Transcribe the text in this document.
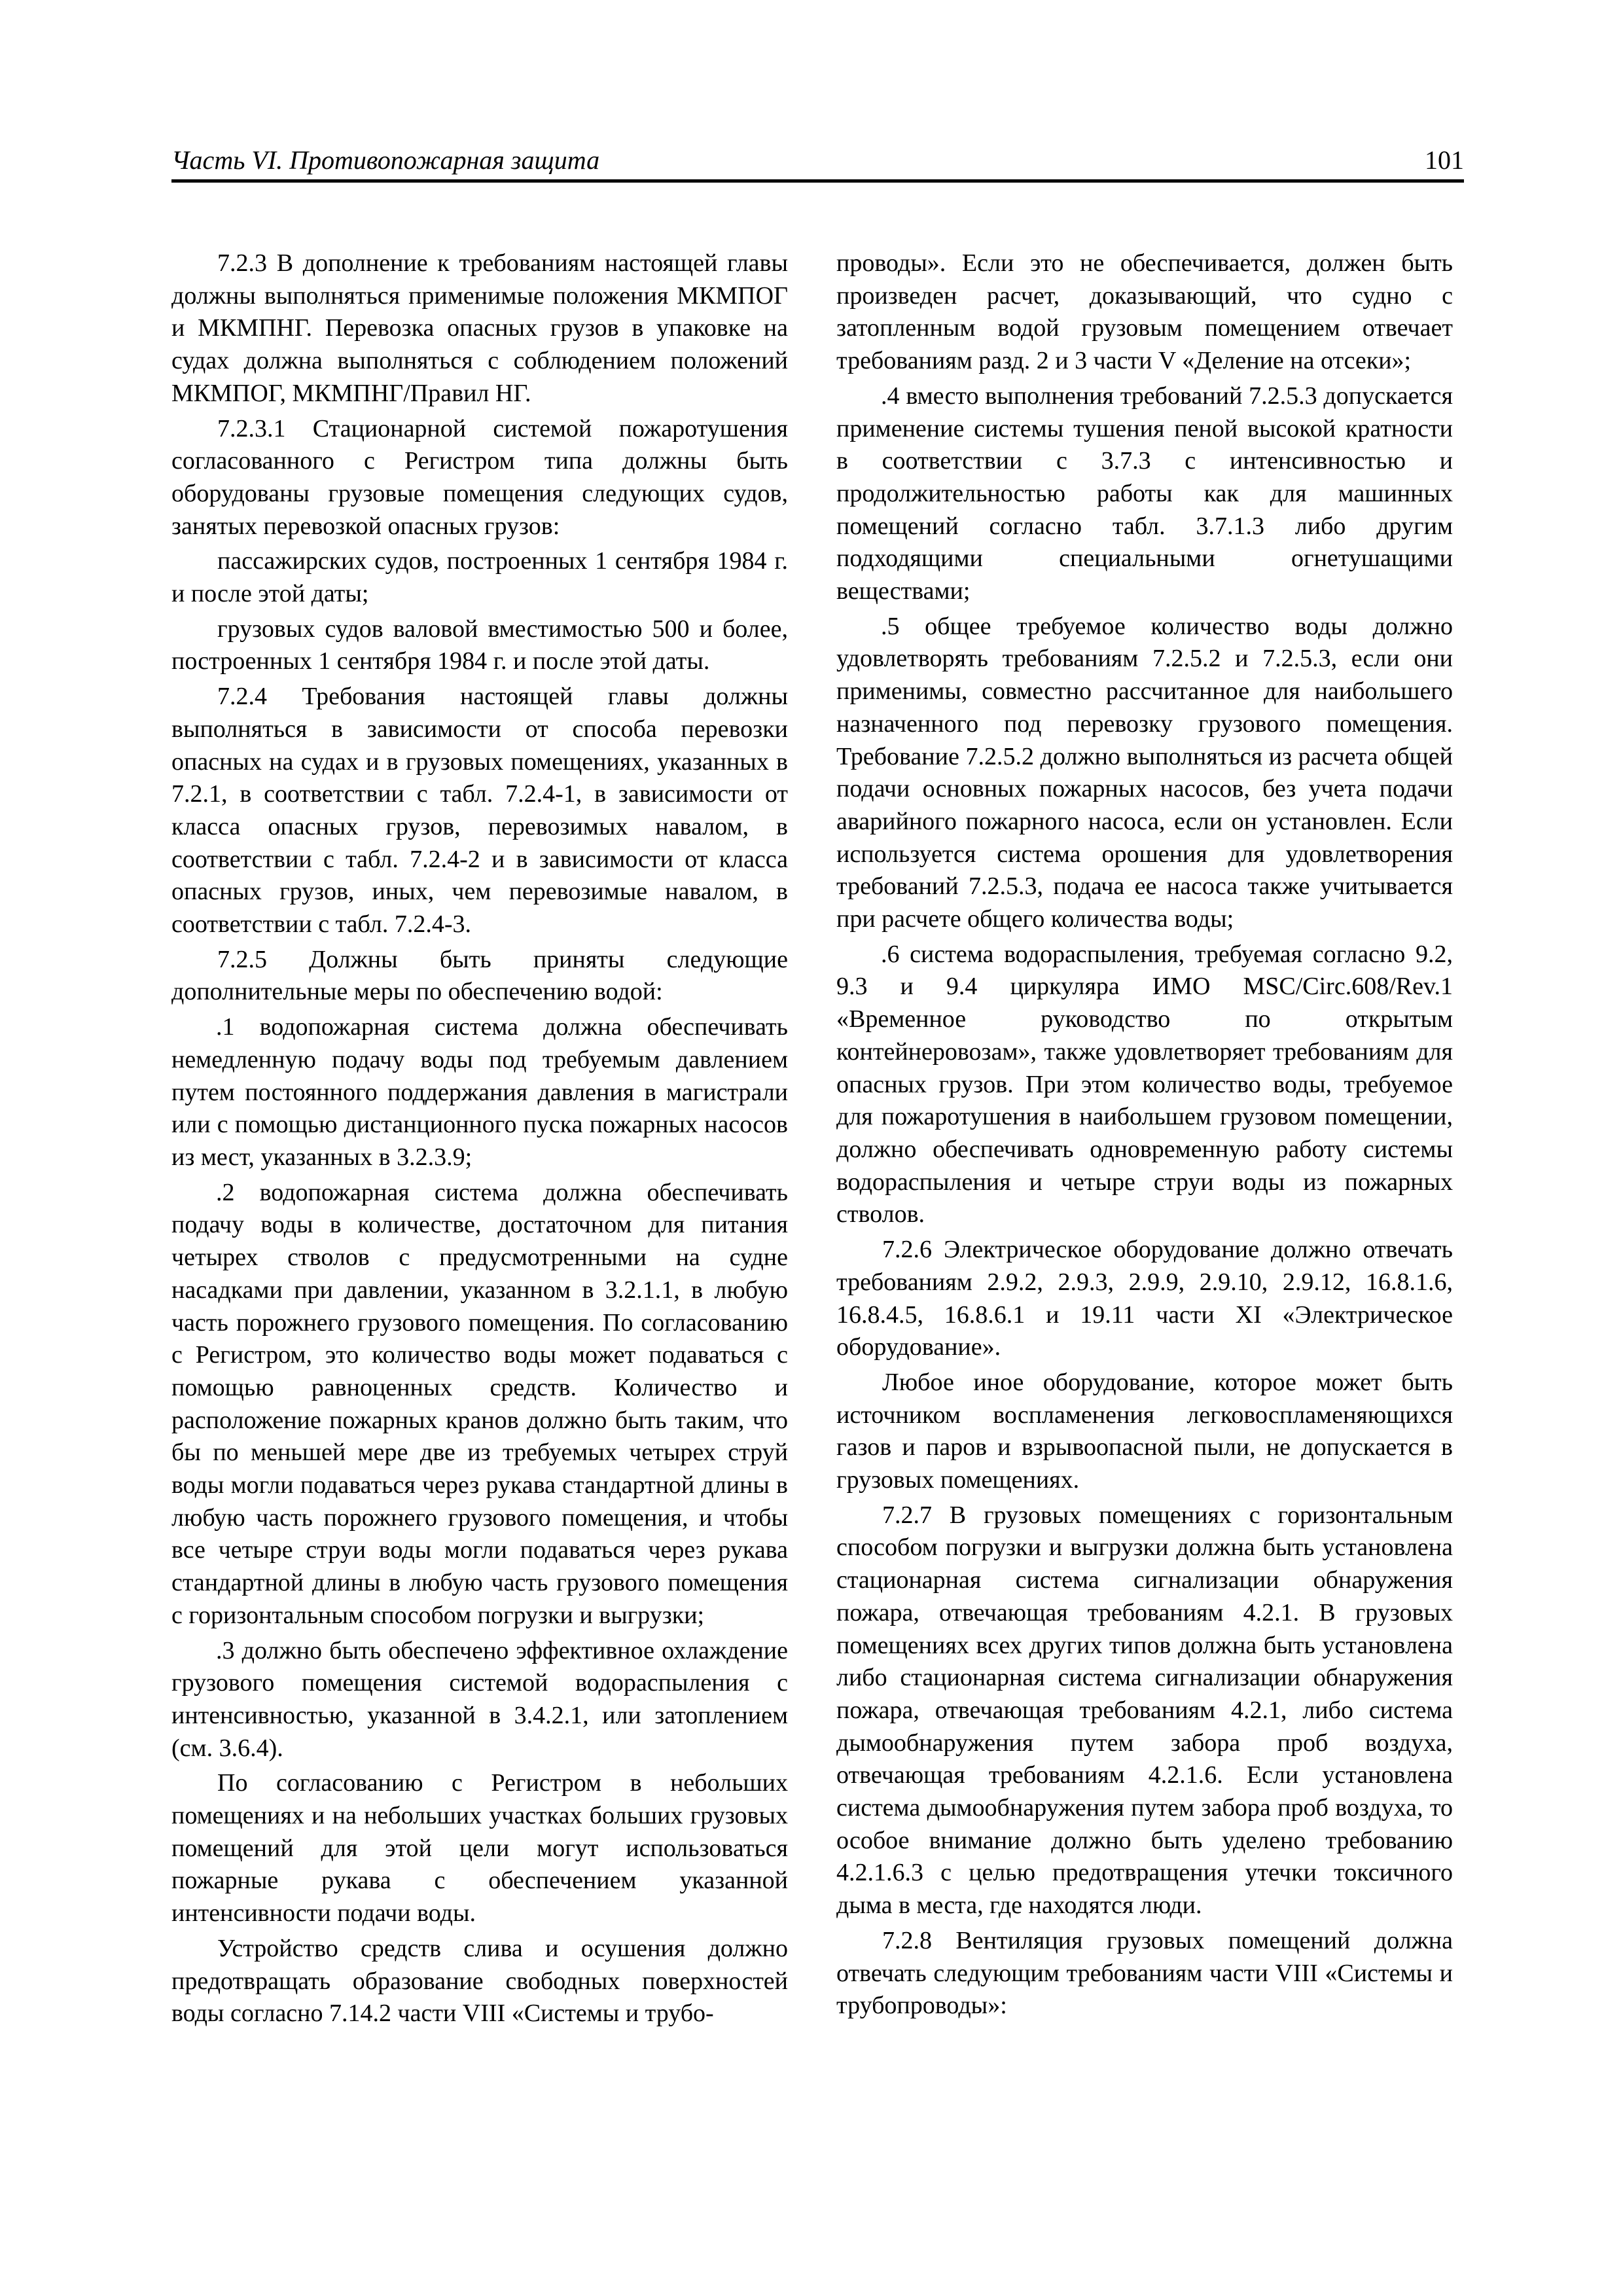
Часть VI. Противопожарная защита	101

7.2.3 В дополнение к требованиям настоящей главы должны выполняться применимые положения МКМПОГ и МКМПНГ. Перевозка опасных грузов в упаковке на судах должна выполняться с соблюдением положений МКМПОГ, МКМПНГ/Правил НГ.

7.2.3.1 Стационарной системой пожаротушения согласованного с Регистром типа должны быть оборудованы грузовые помещения следующих судов, занятых перевозкой опасных грузов:

пассажирских судов, построенных 1 сентября 1984 г. и после этой даты;

грузовых судов валовой вместимостью 500 и более, построенных 1 сентября 1984 г. и после этой даты.

7.2.4 Требования настоящей главы должны выполняться в зависимости от способа перевозки опасных на судах и в грузовых помещениях, указанных в 7.2.1, в соответствии с табл. 7.2.4-1, в зависимости от класса опасных грузов, перевозимых навалом, в соответствии с табл. 7.2.4-2 и в зависимости от класса опасных грузов, иных, чем перевозимые навалом, в соответствии с табл. 7.2.4-3.

7.2.5 Должны быть приняты следующие дополнительные меры по обеспечению водой:

.1 водопожарная система должна обеспечивать немедленную подачу воды под требуемым давлением путем постоянного поддержания давления в магистрали или с помощью дистанционного пуска пожарных насосов из мест, указанных в 3.2.3.9;

.2 водопожарная система должна обеспечивать подачу воды в количестве, достаточном для питания четырех стволов с предусмотренными на судне насадками при давлении, указанном в 3.2.1.1, в любую часть порожнего грузового помещения. По согласованию с Регистром, это количество воды может подаваться с помощью равноценных средств. Количество и расположение пожарных кранов должно быть таким, что бы по меньшей мере две из требуемых четырех струй воды могли подаваться через рукава стандартной длины в любую часть порожнего грузового помещения, и чтобы все четыре струи воды могли подаваться через рукава стандартной длины в любую часть грузового помещения с горизонтальным способом погрузки и выгрузки;

.3 должно быть обеспечено эффективное охлаждение грузового помещения системой водораспыления с интенсивностью, указанной в 3.4.2.1, или затоплением (см. 3.6.4).

По согласованию с Регистром в небольших помещениях и на небольших участках больших грузовых помещений для этой цели могут использоваться пожарные рукава с обеспечением указанной интенсивности подачи воды.

Устройство средств слива и осушения должно предотвращать образование свободных поверхностей воды согласно 7.14.2 части VIII «Системы и трубо-

проводы». Если это не обеспечивается, должен быть произведен расчет, доказывающий, что судно с затопленным водой грузовым помещением отвечает требованиям разд. 2 и 3 части V «Деление на отсеки»;

.4 вместо выполнения требований 7.2.5.3 допускается применение системы тушения пеной высокой кратности в соответствии с 3.7.3 с интенсивностью и продолжительностью работы как для машинных помещений согласно табл. 3.7.1.3 либо другим подходящими специальными огнетушащими веществами;

.5 общее требуемое количество воды должно удовлетворять требованиям 7.2.5.2 и 7.2.5.3, если они применимы, совместно рассчитанное для наибольшего назначенного под перевозку грузового помещения. Требование 7.2.5.2 должно выполняться из расчета общей подачи основных пожарных насосов, без учета подачи аварийного пожарного насоса, если он установлен. Если используется система орошения для удовлетворения требований 7.2.5.3, подача ее насоса также учитывается при расчете общего количества воды;

.6 система водораспыления, требуемая согласно 9.2, 9.3 и 9.4 циркуляра ИМО MSC/Circ.608/Rev.1 «Временное руководство по открытым контейнеровозам», также удовлетворяет требованиям для опасных грузов. При этом количество воды, требуемое для пожаротушения в наибольшем грузовом помещении, должно обеспечивать одновременную работу системы водораспыления и четыре струи воды из пожарных стволов.

7.2.6 Электрическое оборудование должно отвечать требованиям 2.9.2, 2.9.3, 2.9.9, 2.9.10, 2.9.12, 16.8.1.6, 16.8.4.5, 16.8.6.1 и 19.11 части XI «Электрическое оборудование».

Любое иное оборудование, которое может быть источником воспламенения легковоспламеняющихся газов и паров и взрывоопасной пыли, не допускается в грузовых помещениях.

7.2.7 В грузовых помещениях с горизонтальным способом погрузки и выгрузки должна быть установлена стационарная система сигнализации обнаружения пожара, отвечающая требованиям 4.2.1. В грузовых помещениях всех других типов должна быть установлена либо стационарная система сигнализации обнаружения пожара, отвечающая требованиям 4.2.1, либо система дымообнаружения путем забора проб воздуха, отвечающая требованиям 4.2.1.6. Если установлена система дымообнаружения путем забора проб воздуха, то особое внимание должно быть уделено требованию 4.2.1.6.3 с целью предотвращения утечки токсичного дыма в места, где находятся люди.

7.2.8 Вентиляция грузовых помещений должна отвечать следующим требованиям части VIII «Системы и трубопроводы»:
